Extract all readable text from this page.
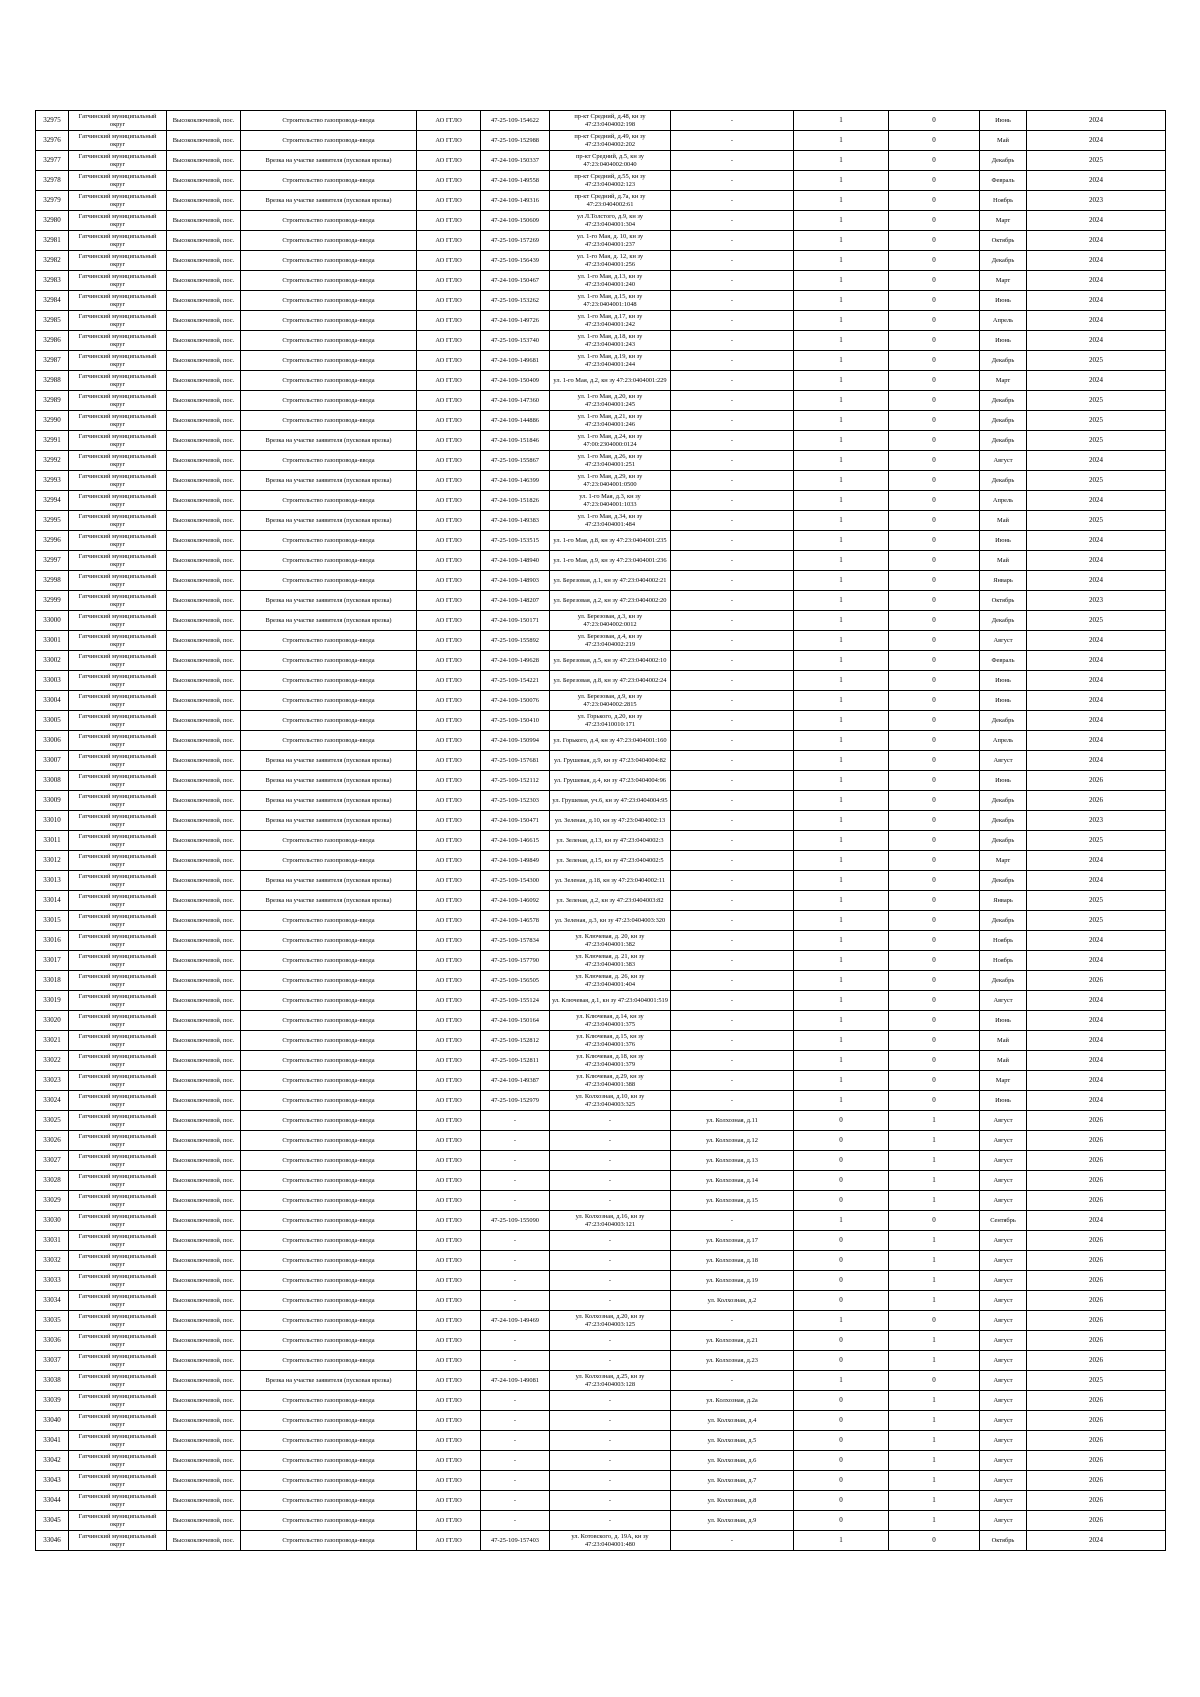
32975	Гатчинский муниципальный округ	Высокоключевой, пос.	Строительство газопровода-ввода	АО ГГЛО	47-25-109-154622	пр-кт Средний, д.48, кн зу 47:23:0404002:198	-	1	0	Июнь	2024
32976	Гатчинский муниципальный округ	Высокоключевой, пос.	Строительство газопровода-ввода	АО ГГЛО	47-25-109-152988	пр-кт Средний, д.49, кн зу 47:23:0404002:202	-	1	0	Май	2024
32977	Гатчинский муниципальный округ	Высокоключевой, пос.	Врезка на участке заявителя (пусковая врезка)	АО ГГЛО	47-24-109-150337	пр-кт Средний, д.5, кн зу 47:23:0404002:0040	-	1	0	Декабрь	2025
32978	Гатчинский муниципальный округ	Высокоключевой, пос.	Строительство газопровода-ввода	АО ГГЛО	47-24-109-149558	пр-кт Средний, д.55, кн зу 47:23:0404002:123	-	1	0	Февраль	2024
32979	Гатчинский муниципальный округ	Высокоключевой, пос.	Врезка на участке заявителя (пусковая врезка)	АО ГГЛО	47-24-109-149316	пр-кт Средний, д.7а, кн зу 47:23:0404002:61	-	1	0	Ноябрь	2023
32980	Гатчинский муниципальный округ	Высокоключевой, пос.	Строительство газопровода-ввода	АО ГГЛО	47-24-109-150609	ул Л.Толстого, д.9, кн зу 47:23:0404001:304	-	1	0	Март	2024
32981	Гатчинский муниципальный округ	Высокоключевой, пос.	Строительство газопровода-ввода	АО ГГЛО	47-25-109-157269	ул. 1-го Мая, д. 10, кн зу 47:23:0404001:237	-	1	0	Октябрь	2024
32982	Гатчинский муниципальный округ	Высокоключевой, пос.	Строительство газопровода-ввода	АО ГГЛО	47-25-109-156439	ул. 1-го Мая, д. 12, кн зу 47:23:0404001:256	-	1	0	Декабрь	2024
32983	Гатчинский муниципальный округ	Высокоключевой, пос.	Строительство газопровода-ввода	АО ГГЛО	47-24-109-150467	ул. 1-го Мая, д.13, кн зу 47:23:0404001:240	-	1	0	Март	2024
32984	Гатчинский муниципальный округ	Высокоключевой, пос.	Строительство газопровода-ввода	АО ГГЛО	47-25-109-153262	ул. 1-го Мая, д.15, кн зу 47:23:0404001:1048	-	1	0	Июнь	2024
32985	Гатчинский муниципальный округ	Высокоключевой, пос.	Строительство газопровода-ввода	АО ГГЛО	47-24-109-149726	ул. 1-го Мая, д.17, кн зу 47:23:0404001:242	-	1	0	Апрель	2024
32986	Гатчинский муниципальный округ	Высокоключевой, пос.	Строительство газопровода-ввода	АО ГГЛО	47-25-109-153740	ул. 1-го Мая, д.18, кн зу 47:23:0404001:243	-	1	0	Июнь	2024
32987	Гатчинский муниципальный округ	Высокоключевой, пос.	Строительство газопровода-ввода	АО ГГЛО	47-24-109-149681	ул. 1-го Мая, д.19, кн зу 47:23:0404001:244	-	1	0	Декабрь	2025
32988	Гатчинский муниципальный округ	Высокоключевой, пос.	Строительство газопровода-ввода	АО ГГЛО	47-24-109-150409	ул. 1-го Мая, д.2, кн зу 47:23:0404001:229	-	1	0	Март	2024
32989	Гатчинский муниципальный округ	Высокоключевой, пос.	Строительство газопровода-ввода	АО ГГЛО	47-24-109-147360	ул. 1-го Мая, д.20, кн зу 47:23:0404001:245	-	1	0	Декабрь	2025
32990	Гатчинский муниципальный округ	Высокоключевой, пос.	Строительство газопровода-ввода	АО ГГЛО	47-24-109-144886	ул. 1-го Мая, д.21, кн зу 47:23:0404001:246	-	1	0	Декабрь	2025
32991	Гатчинский муниципальный округ	Высокоключевой, пос.	Врезка на участке заявителя (пусковая врезка)	АО ГГЛО	47-24-109-151846	ул. 1-го Мая, д.24, кн зу 47:00:2304000:0124	-	1	0	Декабрь	2025
32992	Гатчинский муниципальный округ	Высокоключевой, пос.	Строительство газопровода-ввода	АО ГГЛО	47-25-109-155867	ул. 1-го Мая, д.26, кн зу 47:23:0404001:251	-	1	0	Август	2024
32993	Гатчинский муниципальный округ	Высокоключевой, пос.	Врезка на участке заявителя (пусковая врезка)	АО ГГЛО	47-24-109-146399	ул. 1-го Мая, д.29, кн зу 47:23:0404001:0500	-	1	0	Декабрь	2025
32994	Гатчинский муниципальный округ	Высокоключевой, пос.	Строительство газопровода-ввода	АО ГГЛО	47-24-109-151826	ул. 1-го Мая, д.3, кн зу 47:23:0404001:1033	-	1	0	Апрель	2024
32995	Гатчинский муниципальный округ	Высокоключевой, пос.	Врезка на участке заявителя (пусковая врезка)	АО ГГЛО	47-24-109-149383	ул. 1-го Мая, д.34, кн зу 47:23:0404001:484	-	1	0	Май	2025
32996	Гатчинский муниципальный округ	Высокоключевой, пос.	Строительство газопровода-ввода	АО ГГЛО	47-25-109-153515	ул. 1-го Мая, д.8, кн зу 47:23:0404001:235	-	1	0	Июнь	2024
32997	Гатчинский муниципальный округ	Высокоключевой, пос.	Строительство газопровода-ввода	АО ГГЛО	47-24-109-148940	ул. 1-го Мая, д.9, кн зу 47:23:0404001:236	-	1	0	Май	2024
32998	Гатчинский муниципальный округ	Высокоключевой, пос.	Строительство газопровода-ввода	АО ГГЛО	47-24-109-148903	ул. Березовая, д.1, кн зу 47:23:0404002:21	-	1	0	Январь	2024
32999	Гатчинский муниципальный округ	Высокоключевой, пос.	Врезка на участке заявителя (пусковая врезка)	АО ГГЛО	47-24-109-148207	ул. Березовая, д.2, кн зу 47:23:0404002:20	-	1	0	Октябрь	2023
33000	Гатчинский муниципальный округ	Высокоключевой, пос.	Врезка на участке заявителя (пусковая врезка)	АО ГГЛО	47-24-109-150171	ул. Березовая, д.3, кн зу 47:23:0404002:0012	-	1	0	Декабрь	2025
33001	Гатчинский муниципальный округ	Высокоключевой, пос.	Строительство газопровода-ввода	АО ГГЛО	47-25-109-155892	ул. Березовая, д.4, кн зу 47:23:0404002:219	-	1	0	Август	2024
33002	Гатчинский муниципальный округ	Высокоключевой, пос.	Строительство газопровода-ввода	АО ГГЛО	47-24-109-149628	ул. Березовая, д.5, кн зу 47:23:0404002:10	-	1	0	Февраль	2024
33003	Гатчинский муниципальный округ	Высокоключевой, пос.	Строительство газопровода-ввода	АО ГГЛО	47-25-109-154221	ул. Березовая, д.8, кн зу 47:23:0404002:24	-	1	0	Июнь	2024
33004	Гатчинский муниципальный округ	Высокоключевой, пос.	Строительство газопровода-ввода	АО ГГЛО	47-24-109-150076	ул. Березовая, д.9, кн зу 47:23:0404002:2815	-	1	0	Июнь	2024
33005	Гатчинский муниципальный округ	Высокоключевой, пос.	Строительство газопровода-ввода	АО ГГЛО	47-25-109-150410	ул. Горького, д.20, кн зу 47:23:0410010:171	-	1	0	Декабрь	2024
33006	Гатчинский муниципальный округ	Высокоключевой, пос.	Строительство газопровода-ввода	АО ГГЛО	47-24-109-150994	ул. Горького, д.4, кн зу 47:23:0404001:160	-	1	0	Апрель	2024
33007	Гатчинский муниципальный округ	Высокоключевой, пос.	Врезка на участке заявителя (пусковая врезка)	АО ГГЛО	47-25-109-157681	ул. Грушевая, д.9, кн зу 47:23:0404004:82	-	1	0	Август	2024
33008	Гатчинский муниципальный округ	Высокоключевой, пос.	Врезка на участке заявителя (пусковая врезка)	АО ГГЛО	47-25-109-152112	ул. Грушевая, д.4, кн зу 47:23:0404004:96	-	1	0	Июнь	2026
33009	Гатчинский муниципальный округ	Высокоключевой, пос.	Врезка на участке заявителя (пусковая врезка)	АО ГГЛО	47-25-109-152303	ул. Грушевая, уч.6, кн зу 47:23:0404004:95	-	1	0	Декабрь	2026
33010	Гатчинский муниципальный округ	Высокоключевой, пос.	Врезка на участке заявителя (пусковая врезка)	АО ГГЛО	47-24-109-150471	ул. Зеленая, д.10, кн зу 47:23:0404002:13	-	1	0	Декабрь	2023
33011	Гатчинский муниципальный округ	Высокоключевой, пос.	Строительство газопровода-ввода	АО ГГЛО	47-24-109-146615	ул. Зеленая, д.13, кн зу 47:23:0404002:3	-	1	0	Декабрь	2025
33012	Гатчинский муниципальный округ	Высокоключевой, пос.	Строительство газопровода-ввода	АО ГГЛО	47-24-109-149849	ул. Зеленая, д.15, кн зу 47:23:0404002:5	-	1	0	Март	2024
33013	Гатчинский муниципальный округ	Высокоключевой, пос.	Врезка на участке заявителя (пусковая врезка)	АО ГГЛО	47-25-109-154300	ул. Зеленая, д.18, кн зу 47:23:0404002:11	-	1	0	Декабрь	2024
33014	Гатчинский муниципальный округ	Высокоключевой, пос.	Врезка на участке заявителя (пусковая врезка)	АО ГГЛО	47-24-109-146092	ул. Зеленая, д.2, кн зу 47:23:0404003:82	-	1	0	Январь	2025
33015	Гатчинский муниципальный округ	Высокоключевой, пос.	Строительство газопровода-ввода	АО ГГЛО	47-24-109-146578	ул. Зеленая, д.3, кн зу 47:23:0404003:320	-	1	0	Декабрь	2025
33016	Гатчинский муниципальный округ	Высокоключевой, пос.	Строительство газопровода-ввода	АО ГГЛО	47-25-109-157834	ул. Ключевая, д. 20, кн зу 47:23:0404001:382	-	1	0	Ноябрь	2024
33017	Гатчинский муниципальный округ	Высокоключевой, пос.	Строительство газопровода-ввода	АО ГГЛО	47-25-109-157790	ул. Ключевая, д. 21, кн зу 47:23:0404001:383	-	1	0	Ноябрь	2024
33018	Гатчинский муниципальный округ	Высокоключевой, пос.	Строительство газопровода-ввода	АО ГГЛО	47-25-109-156505	ул. Ключевая, д. 26, кн зу 47:23:0404001:404	-	1	0	Декабрь	2026
33019	Гатчинский муниципальный округ	Высокоключевой, пос.	Строительство газопровода-ввода	АО ГГЛО	47-25-109-155124	ул. Ключевая, д.1, кн зу 47:23:0404001:519	-	1	0	Август	2024
33020	Гатчинский муниципальный округ	Высокоключевой, пос.	Строительство газопровода-ввода	АО ГГЛО	47-24-109-150164	ул. Ключевая, д.14, кн зу 47:23:0404001:375	-	1	0	Июнь	2024
33021	Гатчинский муниципальный округ	Высокоключевой, пос.	Строительство газопровода-ввода	АО ГГЛО	47-25-109-152812	ул. Ключевая, д.15, кн зу 47:23:0404001:376	-	1	0	Май	2024
33022	Гатчинский муниципальный округ	Высокоключевой, пос.	Строительство газопровода-ввода	АО ГГЛО	47-25-109-152811	ул. Ключевая, д.18, кн зу 47:23:0404001:379	-	1	0	Май	2024
33023	Гатчинский муниципальный округ	Высокоключевой, пос.	Строительство газопровода-ввода	АО ГГЛО	47-24-109-149387	ул. Ключевая, д.29, кн зу 47:23:0404001:388	-	1	0	Март	2024
33024	Гатчинский муниципальный округ	Высокоключевой, пос.	Строительство газопровода-ввода	АО ГГЛО	47-25-109-152979	ул. Колхозная, д.10, кн зу 47:23:0404003:325	-	1	0	Июнь	2024
33025	Гатчинский муниципальный округ	Высокоключевой, пос.	Строительство газопровода-ввода	АО ГГЛО	-	-	ул. Колхозная, д.11	0	1	Август	2026
33026	Гатчинский муниципальный округ	Высокоключевой, пос.	Строительство газопровода-ввода	АО ГГЛО	-	-	ул. Колхозная, д.12	0	1	Август	2026
33027	Гатчинский муниципальный округ	Высокоключевой, пос.	Строительство газопровода-ввода	АО ГГЛО	-	-	ул. Колхозная, д.13	0	1	Август	2026
33028	Гатчинский муниципальный округ	Высокоключевой, пос.	Строительство газопровода-ввода	АО ГГЛО	-	-	ул. Колхозная, д.14	0	1	Август	2026
33029	Гатчинский муниципальный округ	Высокоключевой, пос.	Строительство газопровода-ввода	АО ГГЛО	-	-	ул. Колхозная, д.15	0	1	Август	2026
33030	Гатчинский муниципальный округ	Высокоключевой, пос.	Строительство газопровода-ввода	АО ГГЛО	47-25-109-155090	ул. Колхозная, д.16, кн зу 47:23:0404003:121	-	1	0	Сентябрь	2024
33031	Гатчинский муниципальный округ	Высокоключевой, пос.	Строительство газопровода-ввода	АО ГГЛО	-	-	ул. Колхозная, д.17	0	1	Август	2026
33032	Гатчинский муниципальный округ	Высокоключевой, пос.	Строительство газопровода-ввода	АО ГГЛО	-	-	ул. Колхозная, д.18	0	1	Август	2026
33033	Гатчинский муниципальный округ	Высокоключевой, пос.	Строительство газопровода-ввода	АО ГГЛО	-	-	ул. Колхозная, д.19	0	1	Август	2026
33034	Гатчинский муниципальный округ	Высокоключевой, пос.	Строительство газопровода-ввода	АО ГГЛО	-	-	ул. Колхозная, д.2	0	1	Август	2026
33035	Гатчинский муниципальный округ	Высокоключевой, пос.	Строительство газопровода-ввода	АО ГГЛО	47-24-109-149469	ул. Колхозная, д.20, кн зу 47:23:0404003:125	-	1	0	Август	2026
33036	Гатчинский муниципальный округ	Высокоключевой, пос.	Строительство газопровода-ввода	АО ГГЛО	-	-	ул. Колхозная, д.21	0	1	Август	2026
33037	Гатчинский муниципальный округ	Высокоключевой, пос.	Строительство газопровода-ввода	АО ГГЛО	-	-	ул. Колхозная, д.23	0	1	Август	2026
33038	Гатчинский муниципальный округ	Высокоключевой, пос.	Врезка на участке заявителя (пусковая врезка)	АО ГГЛО	47-24-109-149081	ул. Колхозная, д.25, кн зу 47:23:0404003:128	-	1	0	Август	2025
33039	Гатчинский муниципальный округ	Высокоключевой, пос.	Строительство газопровода-ввода	АО ГГЛО	-	-	ул. Колхозная, д.2а	0	1	Август	2026
33040	Гатчинский муниципальный округ	Высокоключевой, пос.	Строительство газопровода-ввода	АО ГГЛО	-	-	ул. Колхозная, д.4	0	1	Август	2026
33041	Гатчинский муниципальный округ	Высокоключевой, пос.	Строительство газопровода-ввода	АО ГГЛО	-	-	ул. Колхозная, д.5	0	1	Август	2026
33042	Гатчинский муниципальный округ	Высокоключевой, пос.	Строительство газопровода-ввода	АО ГГЛО	-	-	ул. Колхозная, д.6	0	1	Август	2026
33043	Гатчинский муниципальный округ	Высокоключевой, пос.	Строительство газопровода-ввода	АО ГГЛО	-	-	ул. Колхозная, д.7	0	1	Август	2026
33044	Гатчинский муниципальный округ	Высокоключевой, пос.	Строительство газопровода-ввода	АО ГГЛО	-	-	ул. Колхозная, д.8	0	1	Август	2026
33045	Гатчинский муниципальный округ	Высокоключевой, пос.	Строительство газопровода-ввода	АО ГГЛО	-	-	ул. Колхозная, д.9	0	1	Август	2026
33046	Гатчинский муниципальный округ	Высокоключевой, пос.	Строительство газопровода-ввода	АО ГГЛО	47-25-109-157403	ул. Котовского, д. 19А, кн зу 47:23:0404001:480	-	1	0	Октябрь	2024
